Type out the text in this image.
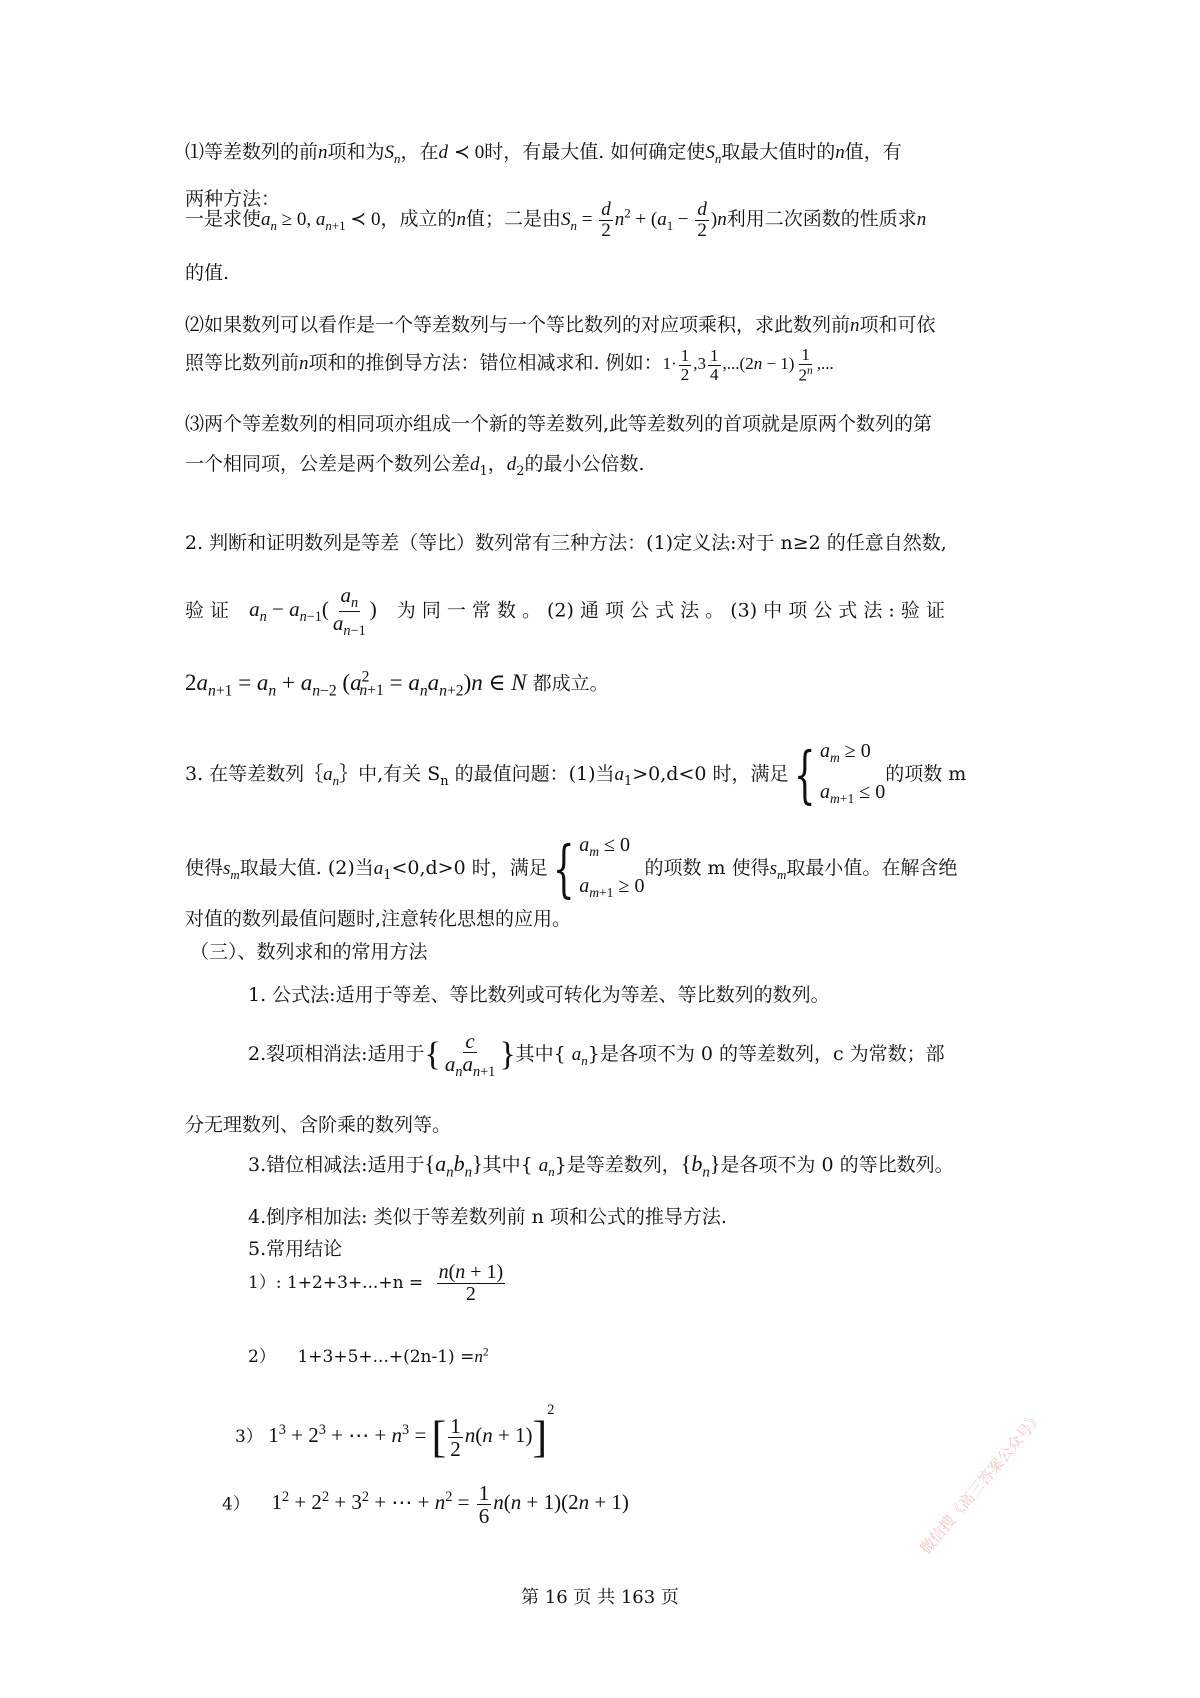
⑴等差数列的前n项和为$S_n$，在d ≺ 0时，有最大值. 如何确定使$S_n$取最大值时的n值，有
两种方法：
一是求使$a_n \ge 0$, $a_{n+1}$ ≺ 0，成立的n值；二是由$S_n = \frac{d}{2} n^2 + (a_1 - \frac{d}{2} )n$利用二次函数的性质求n
的值.
⑵如果数列可以看作是一个等差数列与一个等比数列的对应项乘积，求此数列前n项和可依
照等比数列前n项和的推倒导方法：错位相减求和. 例如：$1\cdot \frac{1}{2} ,3 \frac{1}{4} ,...(2n - 1) \frac{1}{2^n}$ ,...
⑶两个等差数列的相同项亦组成一个新的等差数列,此等差数列的首项就是原两个数列的第
一个相同项，公差是两个数列公差$d_1$，$d_2$的最小公倍数.
2. 判断和证明数列是等差（等比）数列常有三种方法：(1)定义法:对于 n≥2 的任意自然数,
验 证 $a_n - a_{n-1}( \frac{a_n}{a_{n-1}}$ ) 为 同 一 常 数 。 (2) 通 项 公 式 法 。 (3) 中 项 公 式 法 : 验 证
$2a_{n+1} = a_n + a_{n-2}$ $(a^2_{n+1} = a_na_{n+2})n$ ∈ N 都成立。
3. 在等差数列$\{a_n\}$中,有关 $S_n$ 的最值问题：(1)当$a_1>0,d<0$ 时，满足 { $a_m \ge 0$
$a_{m+1} \le 0$
的项数 m
使得$s_m$取最大值. (2)当$a_1<0,d>0$ 时，满足 { $a_m \le 0$
$a_{m+1} \ge 0$
的项数 m 使得$s_m$取最小值。在解含绝
对值的数列最值问题时,注意转化思想的应用。
（三）、数列求和的常用方法
1. 公式法:适用于等差、等比数列或可转化为等差、等比数列的数列。
2.裂项相消法:适用于{ $\frac{c}{a_na_{n+1}}$ }其中{ $a_n$}是各项不为 0 的等差数列，c 为常数；部
分无理数列、含阶乘的数列等。
3.错位相减法:适用于$\{a_nb_n\}$其中{ $a_n$}是等差数列，$\{b_n\}$是各项不为 0 的等比数列。
4.倒序相加法: 类似于等差数列前 n 项和公式的推导方法.
5.常用结论
1）: $1+2+3+...+n = \frac{n(n + 1)}{2}$
2） $1+3+5+...+(2n-1) =n^2$
3） $1^3 + 2^3$ + ⋯ + $n^3$ = [ $\frac{1}{2} n(n + 1)]^2$
4） $1^2 + 2^2 + 3^2$ + ⋯ + $n^2 = \frac{1}{6} n(n + 1)(2n + 1)$
第 16 页 共 163 页
微信搜《高三答案公众号》
